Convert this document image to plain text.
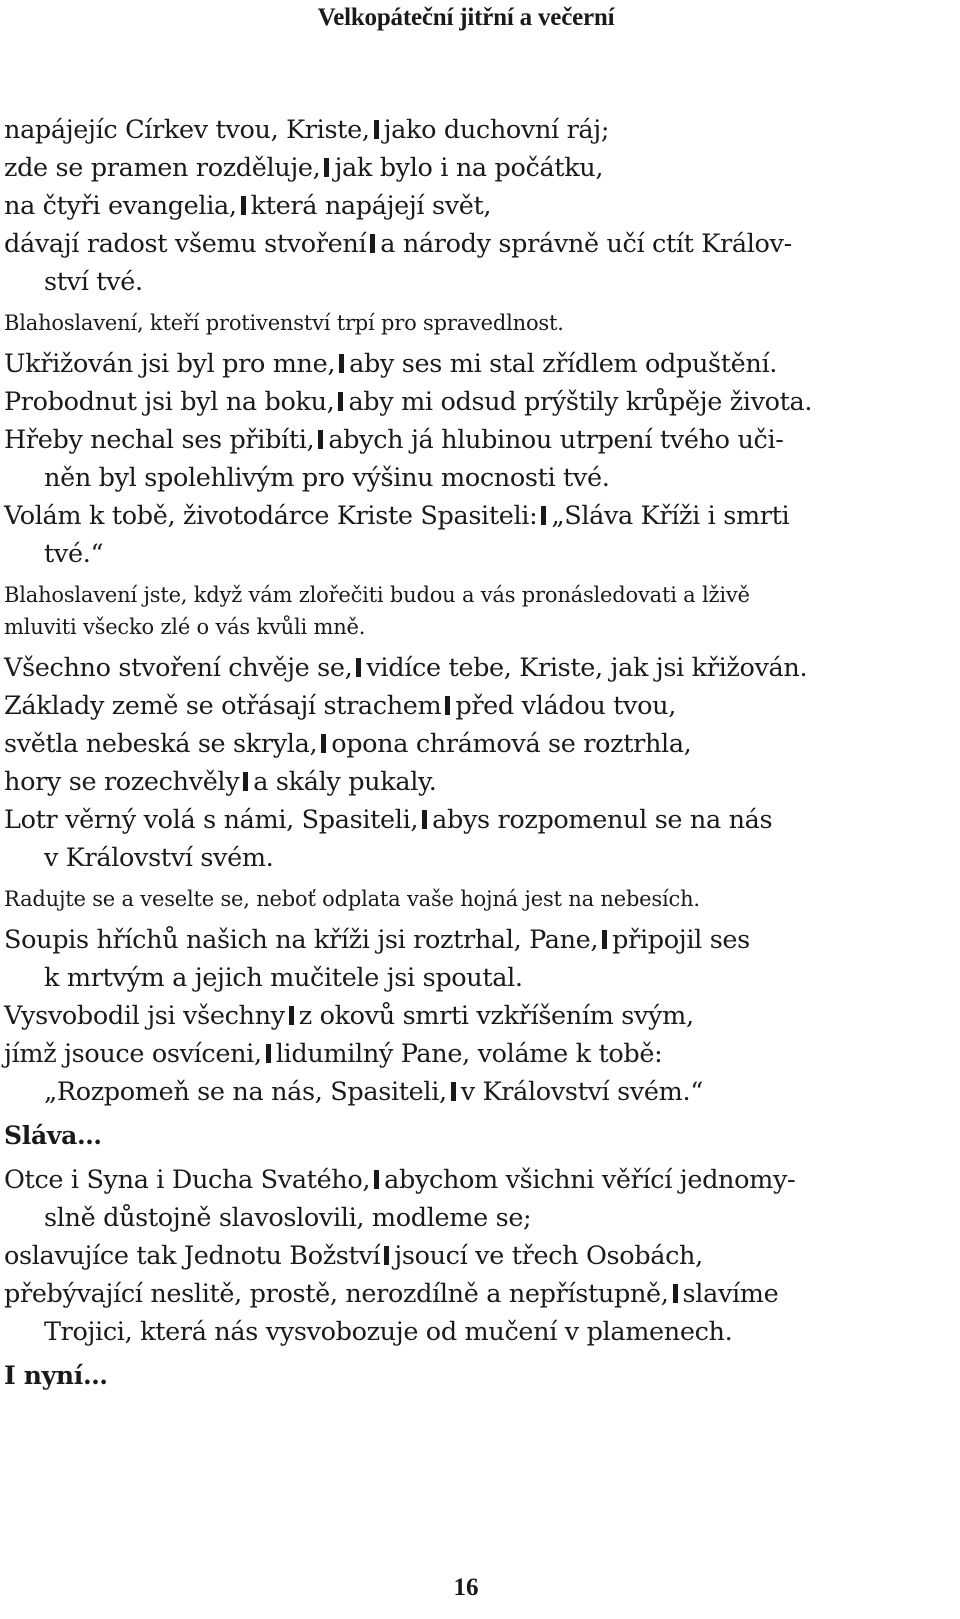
Velkopáteční jitřní a večerní
napájejíc Církev tvou, Kriste, jako duchovní ráj;
zde se pramen rozděluje, jak bylo i na počátku,
na čtyři evangelia, která napájejí svět,
dávají radost všemu stvoření a národy správně učí ctít Králov-
ství tvé.
Blahoslavení, kteří protivenství trpí pro spravedlnost.
Ukřižován jsi byl pro mne, aby ses mi stal zřídlem odpuštění.
Probodnut jsi byl na boku, aby mi odsud prýštily krůpěje života.
Hřeby nechal ses přibíti, abych já hlubinou utrpení tvého uči-
něn byl spolehlivým pro výšinu mocnosti tvé.
Volám k tobě, životodárce Kriste Spasiteli: „Sláva Kříži i smrti
tvé.“
Blahoslavení jste, když vám zlořečiti budou a vás pronásledovati a lživě
mluviti všecko zlé o vás kvůli mně.
Všechno stvoření chvěje se, vidíce tebe, Kriste, jak jsi křižován.
Základy země se otřásají strachem před vládou tvou,
světla nebeská se skryla, opona chrámová se roztrhla,
hory se rozechvěly a skály pukaly.
Lotr věrný volá s námi, Spasiteli, abys rozpomenul se na nás
v Království svém.
Radujte se a veselte se, neboť odplata vaše hojná jest na nebesích.
Soupis hříchů našich na kříži jsi roztrhal, Pane, připojil ses
k mrtvým a jejich mučitele jsi spoutal.
Vysvobodil jsi všechny z okovů smrti vzkříšením svým,
jímž jsouce osvíceni, lidumilný Pane, voláme k tobě:
„Rozpomeň se na nás, Spasiteli, v Království svém.“
Sláva…
Otce i Syna i Ducha Svatého, abychom všichni věřící jednomy-
slně důstojně slavoslovili, modleme se;
oslavujíce tak Jednotu Božství jsoucí ve třech Osobách,
přebývající neslitě, prostě, nerozdílně a nepřístupně, slavíme
Trojici, která nás vysvobozuje od mučení v plamenech.
I nyní…
16
